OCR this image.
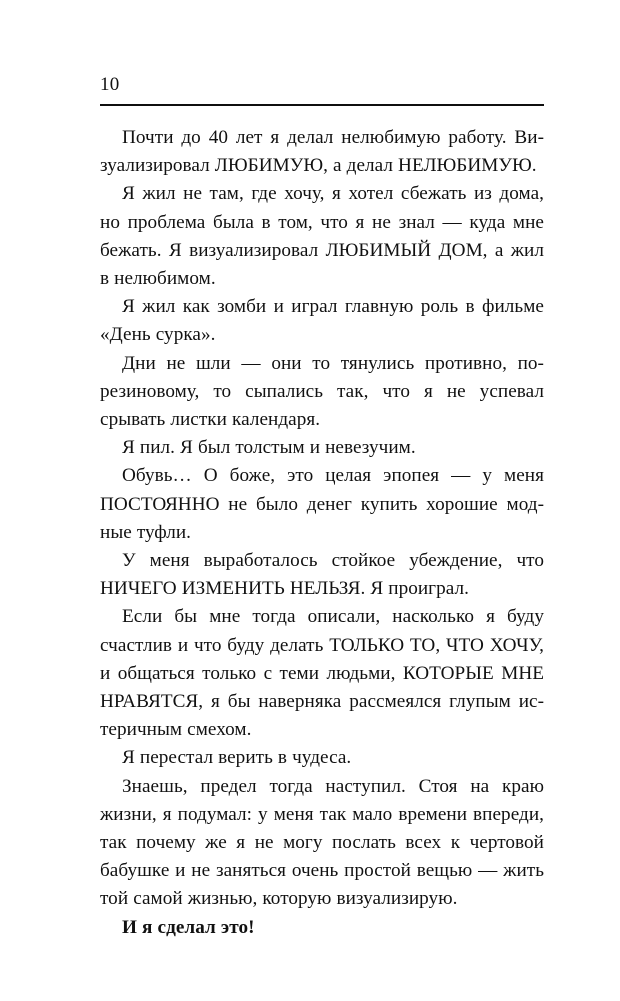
10

Почти до 40 лет я делал нелюбимую работу. Визуализировал ЛЮБИМУЮ, а делал НЕЛЮБИМУЮ.

Я жил не там, где хочу, я хотел сбежать из дома, но проблема была в том, что я не знал — куда мне бежать. Я визуализировал ЛЮБИМЫЙ ДОМ, а жил в нелюбимом.

Я жил как зомби и играл главную роль в фильме «День сурка».

Дни не шли — они то тянулись противно, по-резиновому, то сыпались так, что я не успевал срывать листки календаря.

Я пил. Я был толстым и невезучим.

Обувь… О боже, это целая эпопея — у меня ПОСТОЯННО не было денег купить хорошие модные туфли.

У меня выработалось стойкое убеждение, что НИЧЕГО ИЗМЕНИТЬ НЕЛЬЗЯ. Я проиграл.

Если бы мне тогда описали, насколько я буду счастлив и что буду делать ТОЛЬКО ТО, ЧТО ХОЧУ, и общаться только с теми людьми, КОТОРЫЕ МНЕ НРАВЯТСЯ, я бы наверняка рассмеялся глупым истеричным смехом.

Я перестал верить в чудеса.

Знаешь, предел тогда наступил. Стоя на краю жизни, я подумал: у меня так мало времени впереди, так почему же я не могу послать всех к чертовой бабушке и не заняться очень простой вещью — жить той самой жизнью, которую визуализирую.

И я сделал это!
